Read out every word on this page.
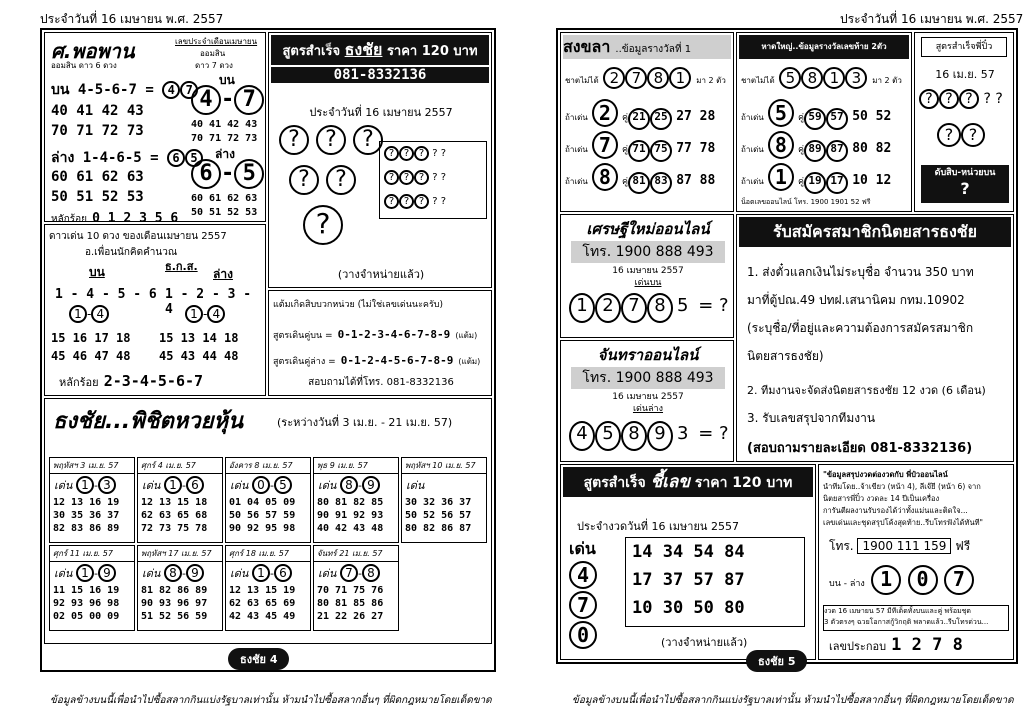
ประจำวันที่ 16 เมษายน พ.ศ. 2557
ศ.พอพาน
ออมสิน ดาว 6 ดวง
เลขประจำเดือนเมษายน
ออมสิน
ดาว 7 ดวง
บน
บน 4-5-6-7 = 4 7 4 - 7
40 41 42 43
70 71 72 73	40 41 42 43
70 71 72 73
ล่าง
ล่าง 1-4-6-5 = 6 5
6 - 5
60 61 62 63
50 51 52 53	60 61 62 63
50 51 52 53
หลักร้อย 0 1 2 3 5 6
สูตรสำเร็จ ธงชัย ราคา 120 บาท
081-8332136
ประจำวันที่ 16 เมษายน 2557
? ? ?
? ?
?
? ? ? ? ?
? ? ? ? ?
? ? ? ? ?
(วางจำหน่ายแล้ว)
ดาวเด่น 10 ดวง ของเดือนเมษายน 2557
อ.เพื่อนนักคิดคำนวณ
บน	ธ.ก.ส.
ล่าง
1 - 4 - 5 - 6 1 - 2 - 3 - 4
1 - 4	1 - 4
15 16 17 18
45 46 47 48
15 13 14 18
45 43 44 48
หลักร้อย 2-3-4-5-6-7
แต้มเกิดสิบบวกหน่วย (ไม่ใช่เลขเด่นนะครับ)
สูตรเดินคู่บน = 0-1-2-3-4-6-7-8-9 (แต้ม)
สูตรเดินคู่ล่าง = 0-1-2-4-5-6-7-8-9 (แต้ม)
สอบถามได้ที่โทร. 081-8332136
ธงชัย...พิชิตหวยหุ้น	(ระหว่างวันที่ 3 เม.ย. - 21 เม.ย. 57)
พฤหัสฯ 3 เม.ย. 57
เด่น 1 - 3
12 13 16 19
30 35 36 37
82 83 86 89
ศุกร์ 4 เม.ย. 57
เด่น 1 - 6
12 13 15 18
62 63 65 68
72 73 75 78
อังคาร 8 เม.ย. 57
เด่น 0 - 5
01 04 05 09
50 56 57 59
90 92 95 98
พุธ 9 เม.ย. 57
เด่น 8 - 9
80 81 82 85
90 91 92 93
40 42 43 48
พฤหัสฯ 10 เม.ย. 57
เด่น
30 32 36 37
50 52 56 57
80 82 86 87
ศุกร์ 11 เม.ย. 57
เด่น 1 - 9
11 15 16 19
92 93 96 98
02 05 00 09
พฤหัสฯ 17 เม.ย. 57
เด่น 8 - 9
81 82 86 89
90 93 96 97
51 52 56 59
ศุกร์ 18 เม.ย. 57
เด่น 1 - 6
12 13 15 19
62 63 65 69
42 43 45 49
จันทร์ 21 เม.ย. 57
เด่น 7 - 8
70 71 75 76
80 81 85 86
21 22 26 27
ธงชัย 4
ข้อมูลข้างบนนี้เพื่อนำไปซื้อสลากกินแบ่งรัฐบาลเท่านั้น ห้ามนำไปซื้อสลากอื่นๆ ที่ผิดกฎหมายโดยเด็ดขาด
ประจำวันที่ 16 เมษายน พ.ศ. 2557
สงขลา ..ข้อมูลรางวัลที่ 1
ชาตไม่ได้ 2 7 8 1 มา 2 ตัว
ถ้าเด่น 2 คู่ 21 25 27 28
ถ้าเด่น 7 คู่ 71 75 77 78
ถ้าเด่น 8 คู่ 81 83 87 88
หาดใหญ่..ข้อมูลรางวัลเลขท้าย 2ตัว
ชาตไม่ได้ 5 8 1 3 มา 2 ตัว
ถ้าเด่น 5 คู่ 59 57 50 52
ถ้าเด่น 8 คู่ 89 87 80 82
ถ้าเด่น 1 คู่ 19 17 10 12
น็อตเลขออนไลน์ โทร. 1900 1901 52 ฟรี
สูตรสำเร็จพี่ปิ๋ว
16 เม.ย. 57
? ? ? ? ?
? ?
ดับสิบ-หน่วยบน
?
เศรษฐีใหม่ออนไลน์
โทร. 1900 888 493
16 เมษายน 2557
เด่นบน
1 2 7 8 5 = ?
จันทราออนไลน์
โทร. 1900 888 493
16 เมษายน 2557
เด่นล่าง
4 5 8 9 3 = ?
รับสมัครสมาชิกนิตยสารธงชัย
1. ส่งตั๋วแลกเงินไม่ระบุชื่อ จำนวน 350 บาท
มาที่ตู้ปณ.49 ปทฝ.เสนานิคม กทม.10902
(ระบุชื่อ/ที่อยู่และความต้องการสมัครสมาชิก
นิตยสารธงชัย)
2. ทีมงานจะจัดส่งนิตยสารธงชัย 12 งวด (6 เดือน)
3. รับเลขสรุปจากทีมงาน
(สอบถามรายละเอียด 081-8332136)
สูตรสำเร็จ ชี้เลข ราคา 120 บาท
ประจำงวดวันที่ 16 เมษายน 2557
เด่น
4 7 0
14 34 54 84
17 37 57 87
10 30 50 80
(วางจำหน่ายแล้ว)
"ข้อมูลสรุปงวดต่องวดกับ พี่ป๋วออนไลน์
นำทีมโดย..จ้าเขียว (หน้า 4), ลีเจ๊ยี (หน้า 6) จาก
นิตยสารพี่ปิ๋ว งวดละ 14 ปีเป็นเครื่อง
การันตีผลงานรับรองได้ว่าทั้งแม่นและติดใจ...
เลขเด่นและชุดสรุปโค้งสุดท้าย..รีบโทรฟังได้ทันที"
โทร. 1900 111 159 ฟรี
บน - ล่าง 1 0 7
งวด 16 เมษายน 57 มีทีเด็ดทั้งบนและคู่ พร้อมชุด
3 ตัวตรงๆ ฉวยโอกาสกู้วิกฤติ พลาดแล้ว..รีบโทรด่วน...
เลขประกอบ 1 2 7 8
ธงชัย 5
ข้อมูลข้างบนนี้เพื่อนำไปซื้อสลากกินแบ่งรัฐบาลเท่านั้น ห้ามนำไปซื้อสลากอื่นๆ ที่ผิดกฎหมายโดยเด็ดขาด
